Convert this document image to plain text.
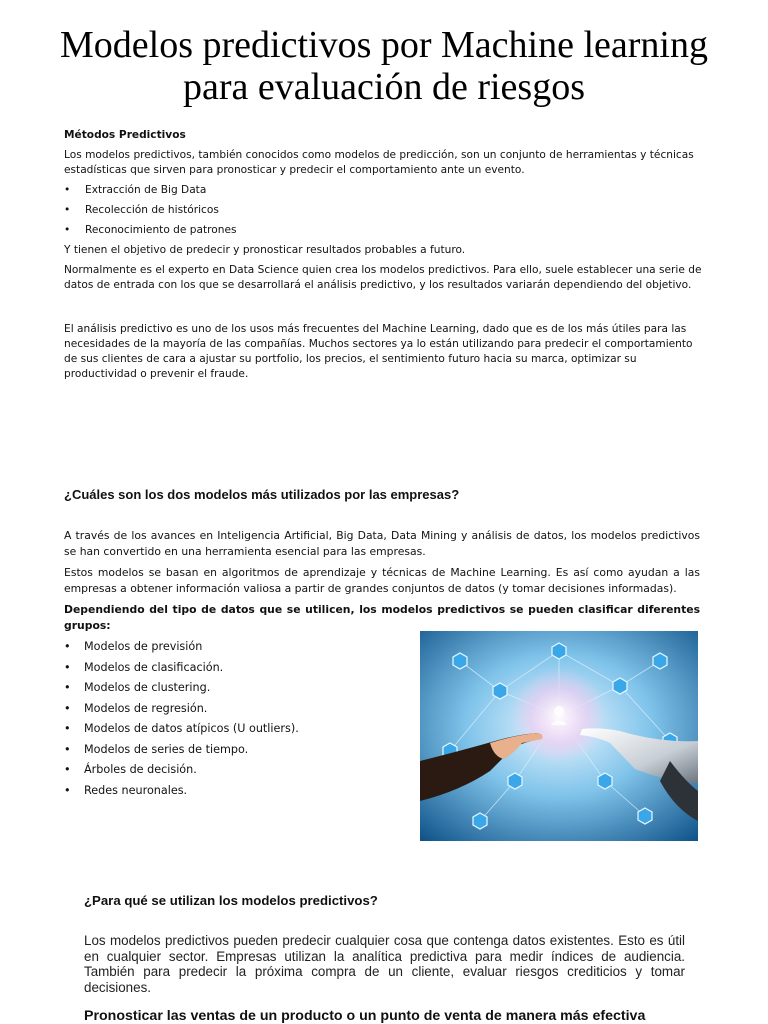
Modelos predictivos por Machine learning para evaluación de riesgos

Métodos Predictivos

Los modelos predictivos, también conocidos como modelos de predicción, son un conjunto de herramientas y técnicas estadísticas que sirven para pronosticar y predecir el comportamiento ante un evento.

• Extracción de Big Data
• Recolección de históricos
• Reconocimiento de patrones

Y tienen el objetivo de predecir y pronosticar resultados probables a futuro.

Normalmente es el experto en Data Science quien crea los modelos predictivos. Para ello, suele establecer una serie de datos de entrada con los que se desarrollará el análisis predictivo, y los resultados variarán dependiendo del objetivo.

El análisis predictivo es uno de los usos más frecuentes del Machine Learning, dado que es de los más útiles para las necesidades de la mayoría de las compañías. Muchos sectores ya lo están utilizando para predecir el comportamiento de sus clientes de cara a ajustar su portfolio, los precios, el sentimiento futuro hacia su marca, optimizar su productividad o prevenir el fraude.

¿Cuáles son los dos modelos más utilizados por las empresas?

A través de los avances en Inteligencia Artificial, Big Data, Data Mining y análisis de datos, los modelos predictivos se han convertido en una herramienta esencial para las empresas.

Estos modelos se basan en algoritmos de aprendizaje y técnicas de Machine Learning. Es así como ayudan a las empresas a obtener información valiosa a partir de grandes conjuntos de datos (y tomar decisiones informadas).

Dependiendo del tipo de datos que se utilicen, los modelos predictivos se pueden clasificar diferentes grupos:

• Modelos de previsión
• Modelos de clasificación.
• Modelos de clustering.
• Modelos de regresión.
• Modelos de datos atípicos (U outliers).
• Modelos de series de tiempo.
• Árboles de decisión.
• Redes neuronales.
¿Para qué se utilizan los modelos predictivos?

Los modelos predictivos pueden predecir cualquier cosa que contenga datos existentes. Esto es útil en cualquier sector. Empresas utilizan la analítica predictiva para medir índices de audiencia. También para predecir la próxima compra de un cliente, evaluar riesgos crediticios y tomar decisiones.

Pronosticar las ventas de un producto o un punto de venta de manera más efectiva
